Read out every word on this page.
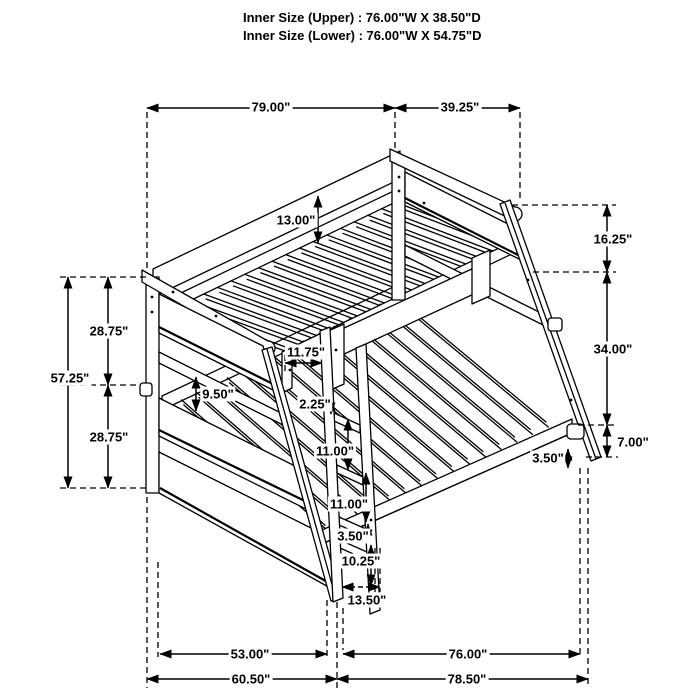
Inner Size (Upper) : 76.00"W X 38.50"D
Inner Size (Lower) : 76.00"W X 54.75"D
79.00"	39.25"
57.25"
28.75"
28.75"
16.25"
34.00"
7.00"
3.50"
13.00"
11.75"
9.50"
2.25"
11.00"
11.00"
3.50"
10.25"
13.50"
53.00"	76.00"
60.50"	78.50"
